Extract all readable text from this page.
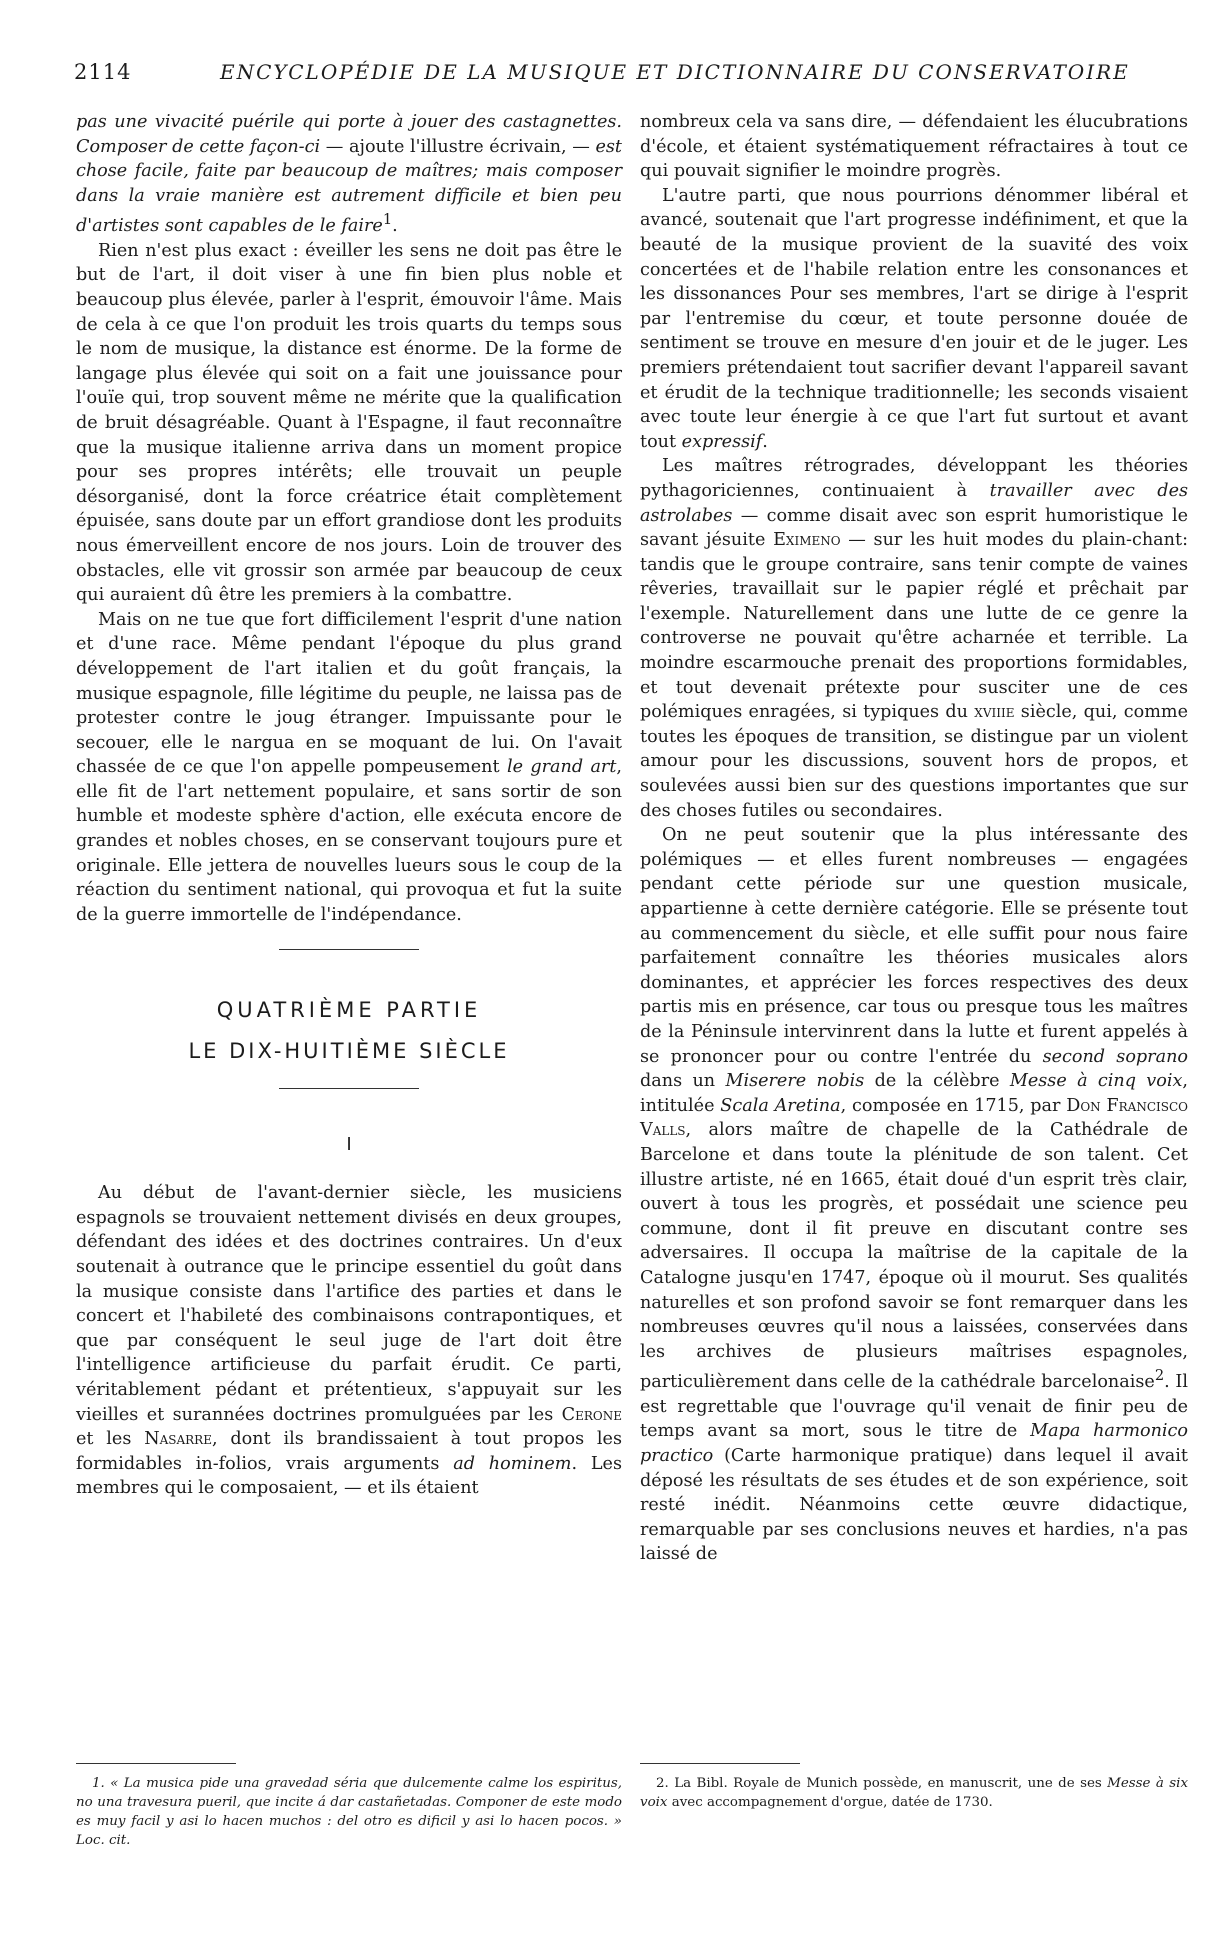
2114	ENCYCLOPÉDIE DE LA MUSIQUE ET DICTIONNAIRE DU CONSERVATOIRE

pas une vivacité puérile qui porte à jouer des castagnettes. Composer de cette façon-ci — ajoute l'illustre écrivain, — est chose facile, faite par beaucoup de maîtres; mais composer dans la vraie manière est autrement difficile et bien peu d'artistes sont capables de le faire$^1$.

Rien n'est plus exact : éveiller les sens ne doit pas être le but de l'art, il doit viser à une fin bien plus noble et beaucoup plus élevée, parler à l'esprit, émouvoir l'âme. Mais de cela à ce que l'on produit les trois quarts du temps sous le nom de musique, la distance est énorme. De la forme de langage plus élevée qui soit on a fait une jouissance pour l'ouïe qui, trop souvent même ne mérite que la qualification de bruit désagréable. Quant à l'Espagne, il faut reconnaître que la musique italienne arriva dans un moment propice pour ses propres intérêts; elle trouvait un peuple désorganisé, dont la force créatrice était complètement épuisée, sans doute par un effort grandiose dont les produits nous émerveillent encore de nos jours. Loin de trouver des obstacles, elle vit grossir son armée par beaucoup de ceux qui auraient dû être les premiers à la combattre.

Mais on ne tue que fort difficilement l'esprit d'une nation et d'une race. Même pendant l'époque du plus grand développement de l'art italien et du goût français, la musique espagnole, fille légitime du peuple, ne laissa pas de protester contre le joug étranger. Impuissante pour le secouer, elle le nargua en se moquant de lui. On l'avait chassée de ce que l'on appelle pompeusement le grand art, elle fit de l'art nettement populaire, et sans sortir de son humble et modeste sphère d'action, elle exécuta encore de grandes et nobles choses, en se conservant toujours pure et originale. Elle jettera de nouvelles lueurs sous le coup de la réaction du sentiment national, qui provoqua et fut la suite de la guerre immortelle de l'indépendance.

QUATRIÈME PARTIE
LE DIX-HUITIÈME SIÈCLE
I

Au début de l'avant-dernier siècle, les musiciens espagnols se trouvaient nettement divisés en deux groupes, défendant des idées et des doctrines contraires. Un d'eux soutenait à outrance que le principe essentiel du goût dans la musique consiste dans l'artifice des parties et dans le concert et l'habileté des combinaisons contrapontiques, et que par conséquent le seul juge de l'art doit être l'intelligence artificieuse du parfait érudit. Ce parti, véritablement pédant et prétentieux, s'appuyait sur les vieilles et surannées doctrines promulguées par les Cerone et les Nasarre, dont ils brandissaient à tout propos les formidables in-folios, vrais arguments ad hominem. Les membres qui le composaient, — et ils étaient

1. « La musica pide una gravedad séria que dulcemente calme los espiritus, no una travesura pueril, que incite á dar castañetadas. Componer de este modo es muy facil y asi lo hacen muchos : del otro es dificil y asi lo hacen pocos. » Loc. cit.

nombreux cela va sans dire, — défendaient les élucubrations d'école, et étaient systématiquement réfractaires à tout ce qui pouvait signifier le moindre progrès.

L'autre parti, que nous pourrions dénommer libéral et avancé, soutenait que l'art progresse indéfiniment, et que la beauté de la musique provient de la suavité des voix concertées et de l'habile relation entre les consonances et les dissonances Pour ses membres, l'art se dirige à l'esprit par l'entremise du cœur, et toute personne douée de sentiment se trouve en mesure d'en jouir et de le juger. Les premiers prétendaient tout sacrifier devant l'appareil savant et érudit de la technique traditionnelle; les seconds visaient avec toute leur énergie à ce que l'art fut surtout et avant tout expressif.

Les maîtres rétrogrades, développant les théories pythagoriciennes, continuaient à travailler avec des astrolabes — comme disait avec son esprit humoristique le savant jésuite Eximeno — sur les huit modes du plain-chant: tandis que le groupe contraire, sans tenir compte de vaines rêveries, travaillait sur le papier réglé et prêchait par l'exemple. Naturellement dans une lutte de ce genre la controverse ne pouvait qu'être acharnée et terrible. La moindre escarmouche prenait des proportions formidables, et tout devenait prétexte pour susciter une de ces polémiques enragées, si typiques du xviiie siècle, qui, comme toutes les époques de transition, se distingue par un violent amour pour les discussions, souvent hors de propos, et soulevées aussi bien sur des questions importantes que sur des choses futiles ou secondaires.

On ne peut soutenir que la plus intéressante des polémiques — et elles furent nombreuses — engagées pendant cette période sur une question musicale, appartienne à cette dernière catégorie. Elle se présente tout au commencement du siècle, et elle suffit pour nous faire parfaitement connaître les théories musicales alors dominantes, et apprécier les forces respectives des deux partis mis en présence, car tous ou presque tous les maîtres de la Péninsule intervinrent dans la lutte et furent appelés à se prononcer pour ou contre l'entrée du second soprano dans un Miserere nobis de la célèbre Messe à cinq voix, intitulée Scala Aretina, composée en 1715, par Don Francisco Valls, alors maître de chapelle de la Cathédrale de Barcelone et dans toute la plénitude de son talent. Cet illustre artiste, né en 1665, était doué d'un esprit très clair, ouvert à tous les progrès, et possédait une science peu commune, dont il fit preuve en discutant contre ses adversaires. Il occupa la maîtrise de la capitale de la Catalogne jusqu'en 1747, époque où il mourut. Ses qualités naturelles et son profond savoir se font remarquer dans les nombreuses œuvres qu'il nous a laissées, conservées dans les archives de plusieurs maîtrises espagnoles, particulièrement dans celle de la cathédrale barcelonaise$^2$. Il est regrettable que l'ouvrage qu'il venait de finir peu de temps avant sa mort, sous le titre de Mapa harmonico practico (Carte harmonique pratique) dans lequel il avait déposé les résultats de ses études et de son expérience, soit resté inédit. Néanmoins cette œuvre didactique, remarquable par ses conclusions neuves et hardies, n'a pas laissé de

2. La Bibl. Royale de Munich possède, en manuscrit, une de ses Messe à six voix avec accompagnement d'orgue, datée de 1730.
